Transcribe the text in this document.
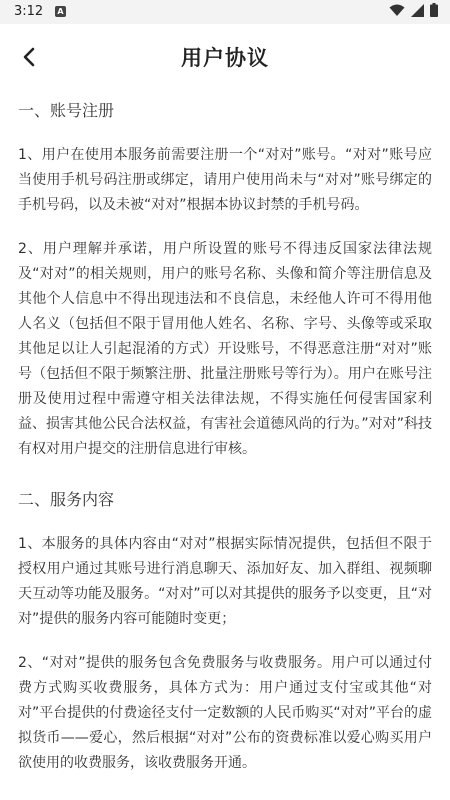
3:12 A
用户协议
一、账号注册

1、用户在使用本服务前需要注册一个“对对”账号。“对对”账号应当使用手机号码注册或绑定，请用户使用尚未与“对对”账号绑定的手机号码，以及未被“对对”根据本协议封禁的手机号码。

2、用户理解并承诺，用户所设置的账号不得违反国家法律法规及“对对”的相关规则，用户的账号名称、头像和简介等注册信息及其他个人信息中不得出现违法和不良信息，未经他人许可不得用他人名义（包括但不限于冒用他人姓名、名称、字号、头像等或采取其他足以让人引起混淆的方式）开设账号，不得恶意注册“对对”账号（包括但不限于频繁注册、批量注册账号等行为）。用户在账号注册及使用过程中需遵守相关法律法规，不得实施任何侵害国家利益、损害其他公民合法权益，有害社会道德风尚的行为。”对对”科技有权对用户提交的注册信息进行审核。

二、服务内容

1、本服务的具体内容由“对对”根据实际情况提供，包括但不限于授权用户通过其账号进行消息聊天、添加好友、加入群组、视频聊天互动等功能及服务。“对对”可以对其提供的服务予以变更，且“对对”提供的服务内容可能随时变更；

2、“对对”提供的服务包含免费服务与收费服务。用户可以通过付费方式购买收费服务，具体方式为：用户通过支付宝或其他“对对”平台提供的付费途径支付一定数额的人民币购买“对对”平台的虚拟货币——爱心，然后根据“对对”公布的资费标准以爱心购买用户欲使用的收费服务，该收费服务开通。
